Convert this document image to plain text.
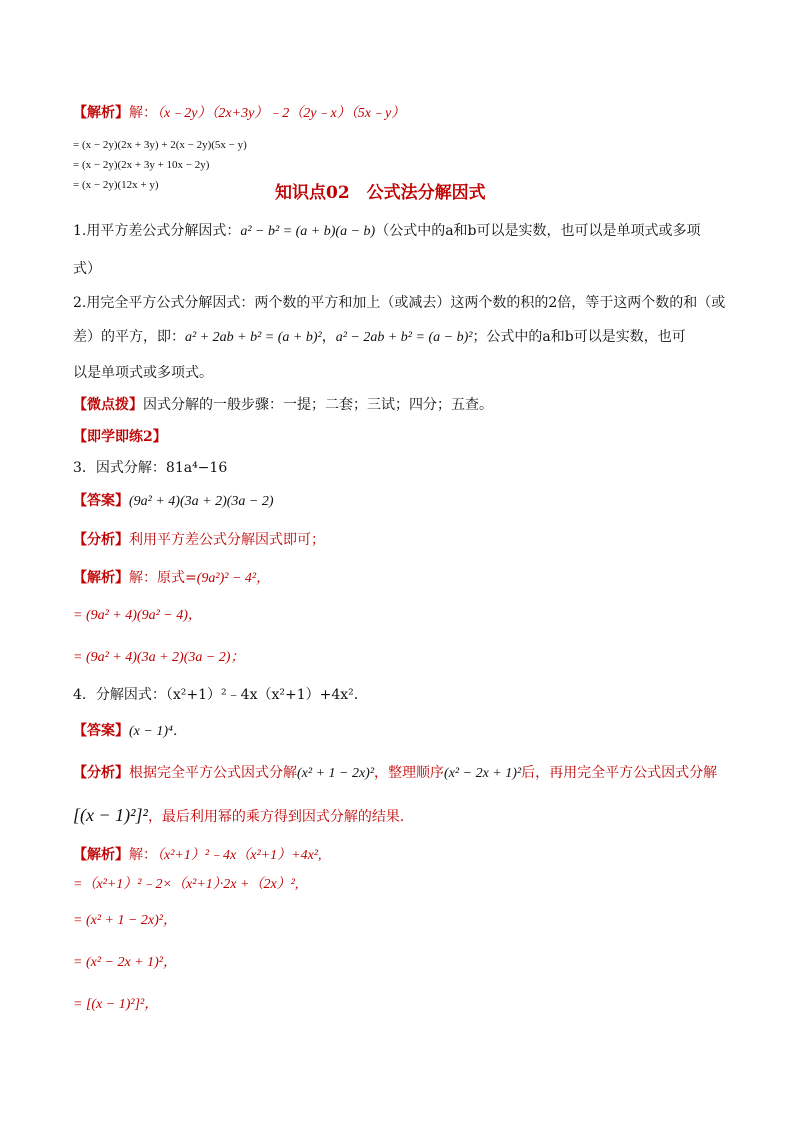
【解析】解：（x﹣2y）（2x+3y）﹣2（2y﹣x）（5x﹣y）
= (x − 2y)(2x + 3y) + 2(x − 2y)(5x − y)
= (x − 2y)(2x + 3y + 10x − 2y)
= (x − 2y)(12x + y)	知识点02　公式法分解因式
1.用平方差公式分解因式：a² − b² = (a + b)(a − b)（公式中的a和b可以是实数，也可以是单项式或多项
式）
2.用完全平方公式分解因式：两个数的平方和加上（或减去）这两个数的积的2倍，等于这两个数的和（或
差）的平方，即：a² + 2ab + b² = (a + b)²，a² − 2ab + b² = (a − b)²；公式中的a和b可以是实数，也可
以是单项式或多项式。
【微点拨】因式分解的一般步骤：一提；二套；三试；四分；五查。
【即学即练2】
3．因式分解：81a⁴−16
【答案】(9a² + 4)(3a + 2)(3a − 2)
【分析】利用平方差公式分解因式即可；
【解析】解：原式=(9a²)² − 4²，
= (9a² + 4)(9a² − 4)，
= (9a² + 4)(3a + 2)(3a − 2)；
4．分解因式：（x²+1）²﹣4x（x²+1）+4x².
【答案】(x − 1)⁴．
【分析】根据完全平方公式因式分解(x² + 1 − 2x)²，整理顺序(x² − 2x + 1)²后，再用完全平方公式因式分解
[(x − 1)²]²，最后利用幂的乘方得到因式分解的结果．
【解析】解：（x²+1）²﹣4x（x²+1）+4x²,
=（x²+1）²﹣2×（x²+1）·2x +（2x）²,
= (x² + 1 − 2x)²，
= (x² − 2x + 1)²，
= [(x − 1)²]²，
